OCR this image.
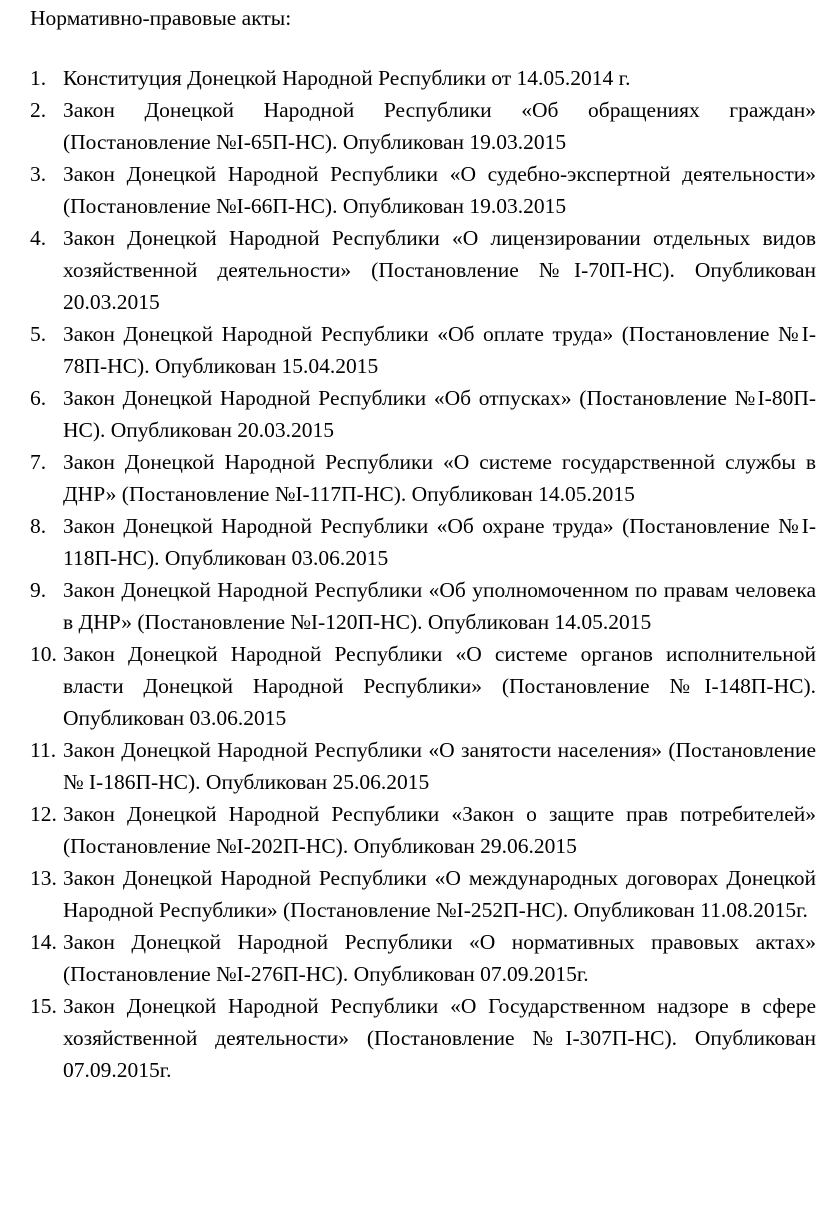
Нормативно-правовые акты:
1. Конституция Донецкой Народной Республики от 14.05.2014 г.
2. Закон Донецкой Народной Республики «Об обращениях граждан» (Постановление №I-65П-НС). Опубликован 19.03.2015
3. Закон Донецкой Народной Республики «О судебно-экспертной деятельности» (Постановление №I-66П-НС). Опубликован 19.03.2015
4. Закон Донецкой Народной Республики «О лицензировании отдельных видов хозяйственной деятельности» (Постановление №I-70П-НС). Опубликован 20.03.2015
5. Закон Донецкой Народной Республики «Об оплате труда» (Постановление №I-78П-НС). Опубликован 15.04.2015
6. Закон Донецкой Народной Республики «Об отпусках» (Постановление №I-80П-НС). Опубликован 20.03.2015
7. Закон Донецкой Народной Республики «О системе государственной службы в ДНР» (Постановление №I-117П-НС). Опубликован 14.05.2015
8. Закон Донецкой Народной Республики «Об охране труда» (Постановление №I-118П-НС). Опубликован 03.06.2015
9. Закон Донецкой Народной Республики «Об уполномоченном по правам человека в ДНР» (Постановление №I-120П-НС). Опубликован 14.05.2015
10. Закон Донецкой Народной Республики «О системе органов исполнительной власти Донецкой Народной Республики» (Постановление №I-148П-НС). Опубликован 03.06.2015
11. Закон Донецкой Народной Республики «О занятости населения» (Постановление № I-186П-НС). Опубликован 25.06.2015
12. Закон Донецкой Народной Республики «Закон о защите прав потребителей» (Постановление №I-202П-НС). Опубликован 29.06.2015
13. Закон Донецкой Народной Республики «О международных договорах Донецкой Народной Республики» (Постановление №I-252П-НС). Опубликован 11.08.2015г.
14. Закон Донецкой Народной Республики «О нормативных правовых актах» (Постановление №I-276П-НС). Опубликован 07.09.2015г.
15. Закон Донецкой Народной Республики «О Государственном надзоре в сфере хозяйственной деятельности» (Постановление №I-307П-НС). Опубликован 07.09.2015г.
